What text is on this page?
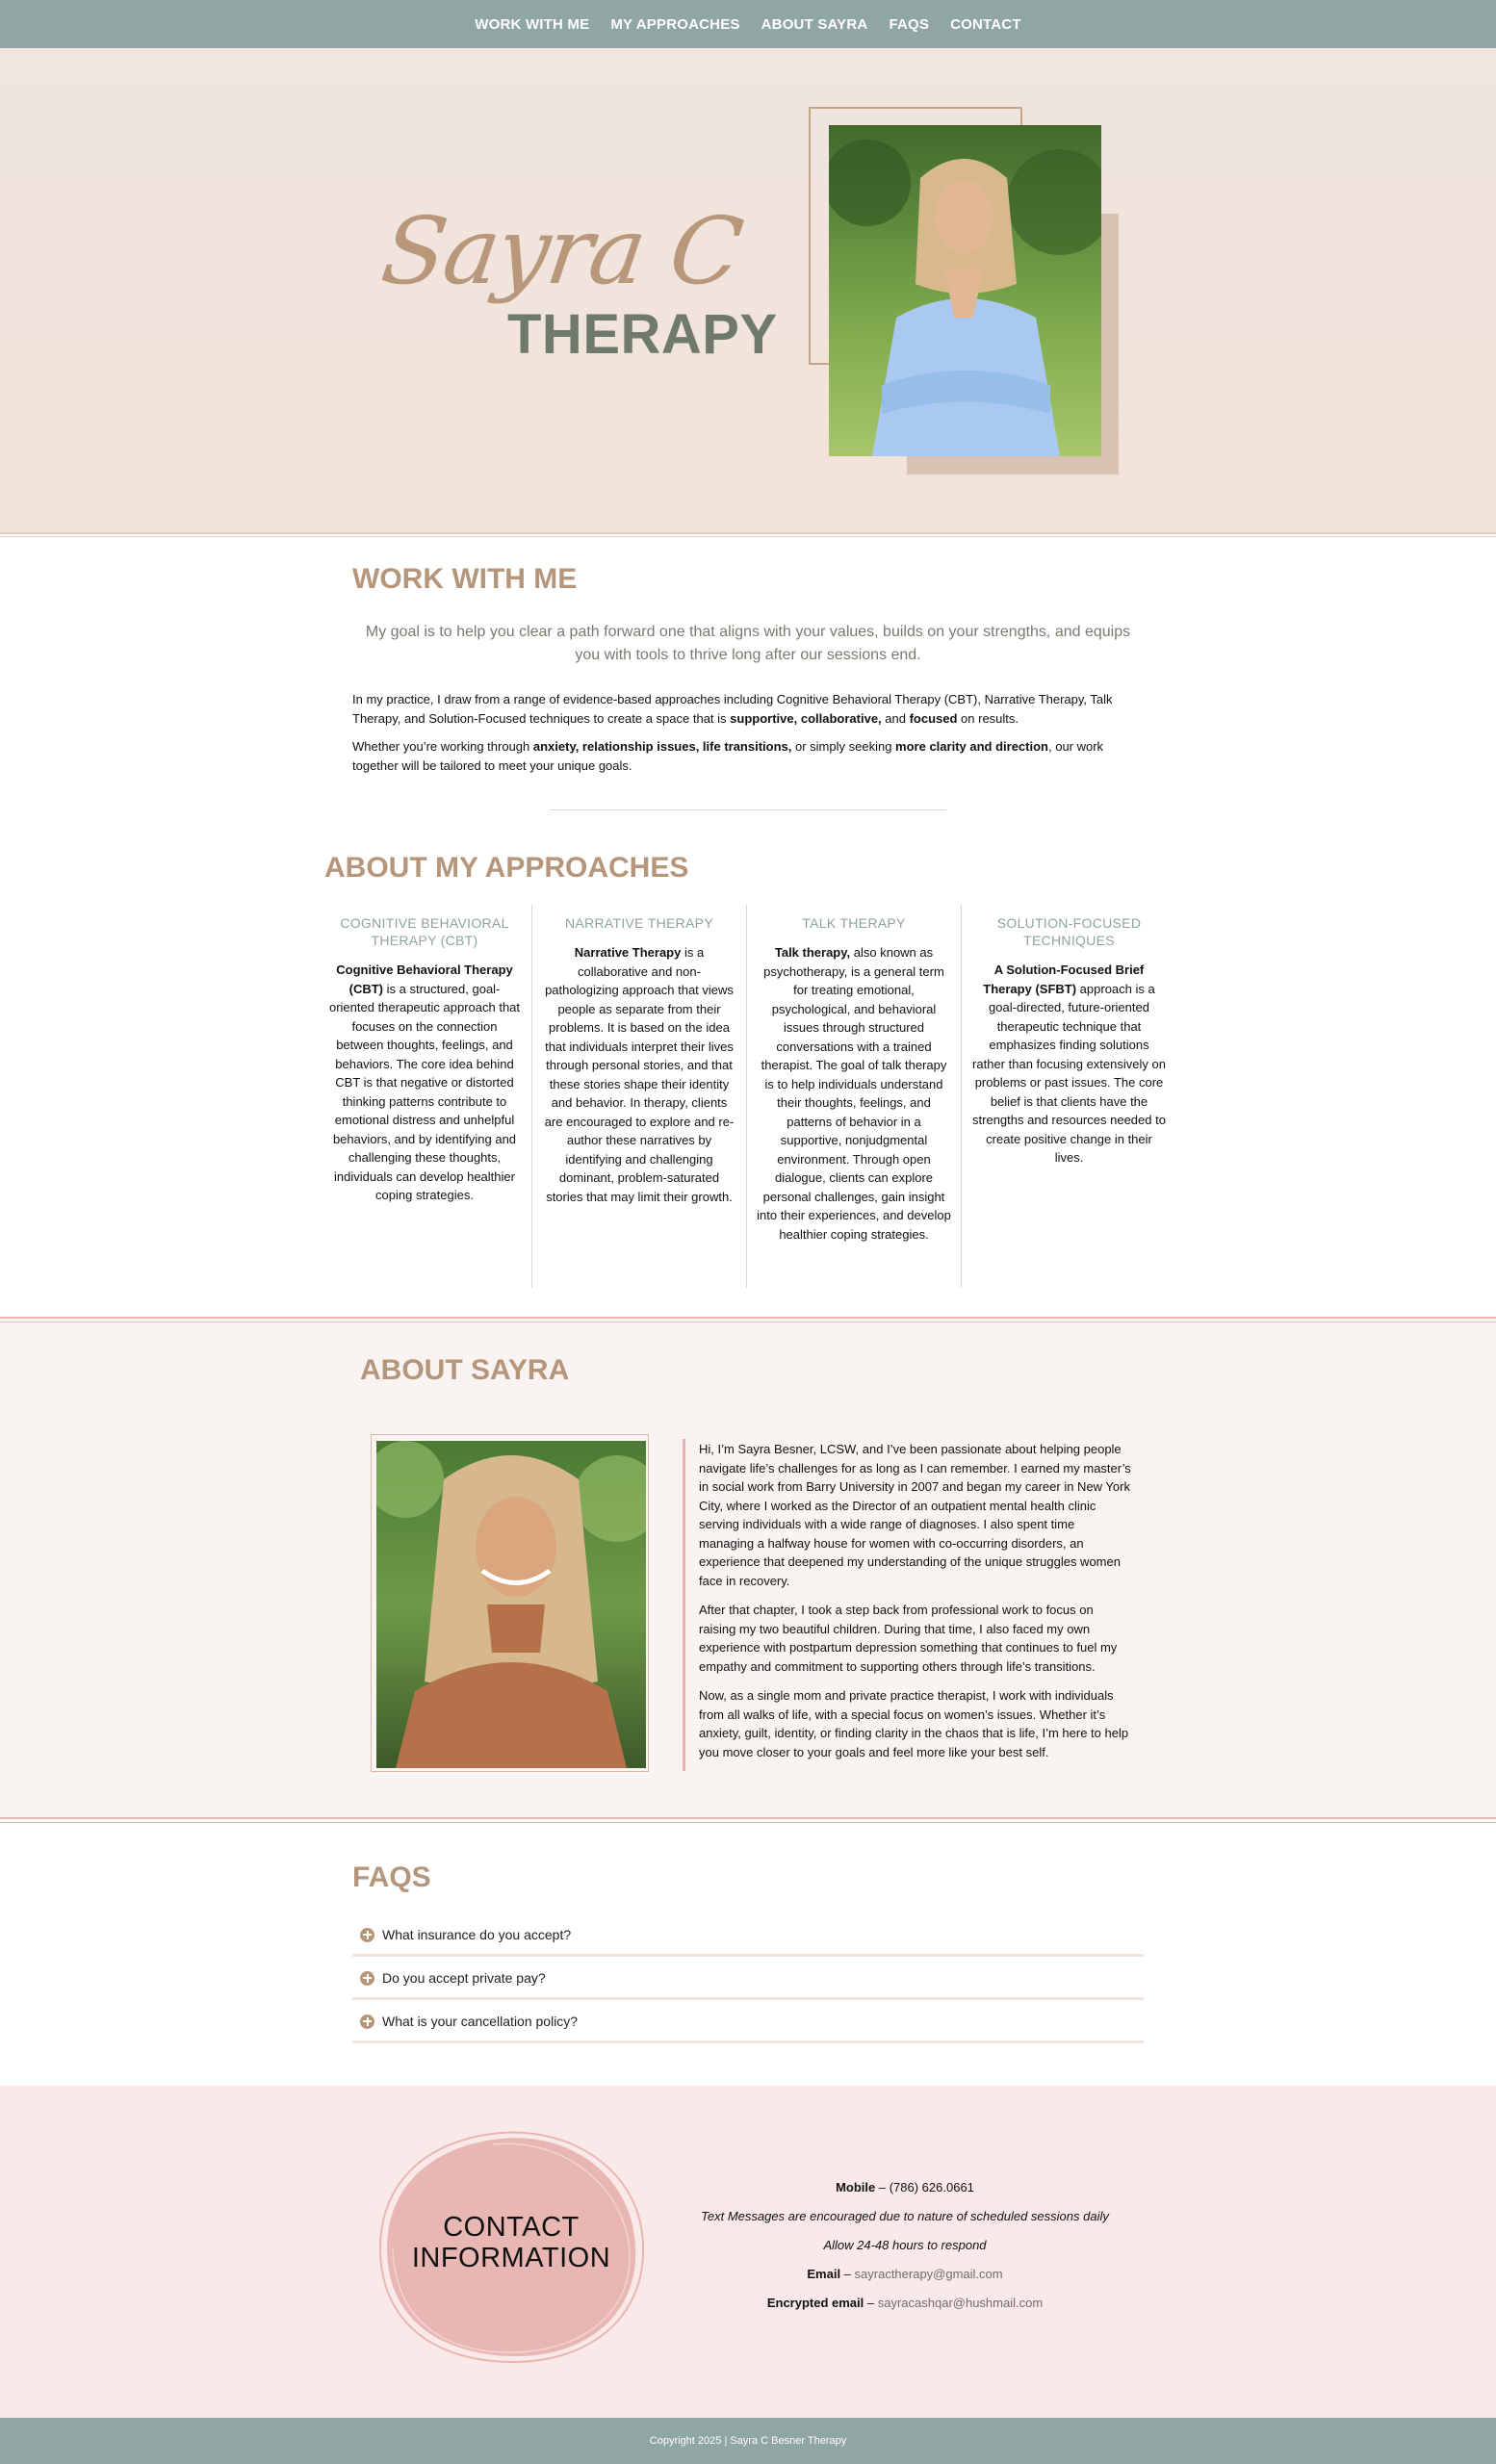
WORK WITH ME MY APPROACHES ABOUT SAYRA FAQS CONTACT
Sayra C
THERAPY
WORK WITH ME

My goal is to help you clear a path forward one that aligns with your values, builds on your strengths, and equips you with tools to thrive long after our sessions end.

In my practice, I draw from a range of evidence-based approaches including Cognitive Behavioral Therapy (CBT), Narrative Therapy, Talk Therapy, and Solution-Focused techniques to create a space that is supportive, collaborative, and focused on results.

Whether you’re working through anxiety, relationship issues, life transitions, or simply seeking more clarity and direction, our work together will be tailored to meet your unique goals.

ABOUT MY APPROACHES
COGNITIVE BEHAVIORAL THERAPY (CBT)

Cognitive Behavioral Therapy (CBT) is a structured, goal-oriented therapeutic approach that focuses on the connection between thoughts, feelings, and behaviors. The core idea behind CBT is that negative or distorted thinking patterns contribute to emotional distress and unhelpful behaviors, and by identifying and challenging these thoughts, individuals can develop healthier coping strategies.

NARRATIVE THERAPY

Narrative Therapy is a collaborative and non-pathologizing approach that views people as separate from their problems. It is based on the idea that individuals interpret their lives through personal stories, and that these stories shape their identity and behavior. In therapy, clients are encouraged to explore and re-author these narratives by identifying and challenging dominant, problem-saturated stories that may limit their growth.

TALK THERAPY

Talk therapy, also known as psychotherapy, is a general term for treating emotional, psychological, and behavioral issues through structured conversations with a trained therapist. The goal of talk therapy is to help individuals understand their thoughts, feelings, and patterns of behavior in a supportive, nonjudgmental environment. Through open dialogue, clients can explore personal challenges, gain insight into their experiences, and develop healthier coping strategies.

SOLUTION-FOCUSED TECHNIQUES

A Solution-Focused Brief Therapy (SFBT) approach is a goal-directed, future-oriented therapeutic technique that emphasizes finding solutions rather than focusing extensively on problems or past issues. The core belief is that clients have the strengths and resources needed to create positive change in their lives.

ABOUT SAYRA

Hi, I’m Sayra Besner, LCSW, and I’ve been passionate about helping people navigate life’s challenges for as long as I can remember. I earned my master’s in social work from Barry University in 2007 and began my career in New York City, where I worked as the Director of an outpatient mental health clinic serving individuals with a wide range of diagnoses. I also spent time managing a halfway house for women with co-occurring disorders, an experience that deepened my understanding of the unique struggles women face in recovery.

After that chapter, I took a step back from professional work to focus on raising my two beautiful children. During that time, I also faced my own experience with postpartum depression something that continues to fuel my empathy and commitment to supporting others through life’s transitions.

Now, as a single mom and private practice therapist, I work with individuals from all walks of life, with a special focus on women’s issues. Whether it’s anxiety, guilt, identity, or finding clarity in the chaos that is life, I’m here to help you move closer to your goals and feel more like your best self.

FAQS
What insurance do you accept?
Do you accept private pay?
What is your cancellation policy?
CONTACT
INFORMATION
Mobile – (786) 626.0661
Text Messages are encouraged due to nature of scheduled sessions daily
Allow 24-48 hours to respond
Email – sayractherapy@gmail.com
Encrypted email – sayracashqar@hushmail.com
Copyright 2025 | Sayra C Besner Therapy
